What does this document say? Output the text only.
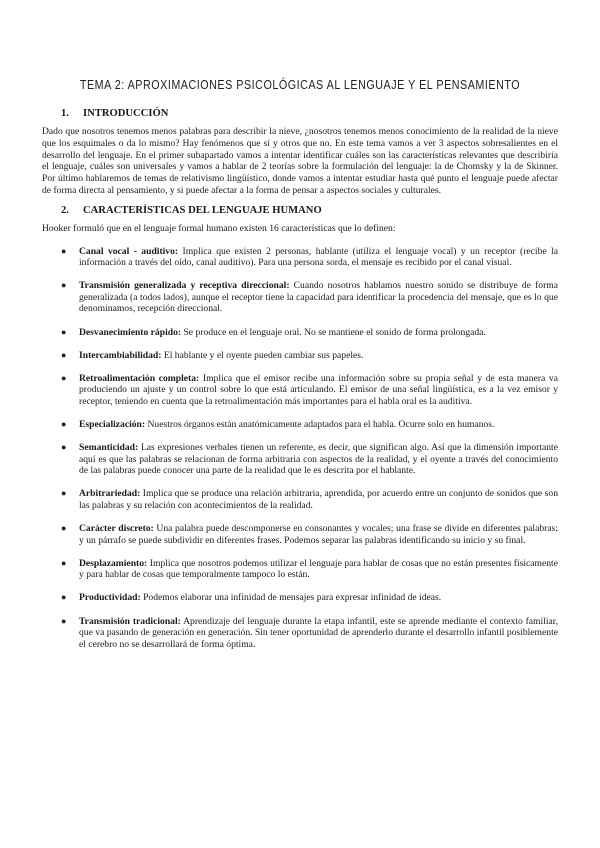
TEMA 2: APROXIMACIONES PSICOLÓGICAS AL LENGUAJE Y EL PENSAMIENTO
1.	INTRODUCCIÓN

Dado que nosotros tenemos menos palabras para describir la nieve, ¿nosotros tenemos menos conocimiento de la realidad de la nieve que los esquimales o da lo mismo? Hay fenómenos que sí y otros que no. En este tema vamos a ver 3 aspectos sobresalientes en el desarrollo del lenguaje. En el primer subapartado vamos a intentar identificar cuáles son las características relevantes que describiría el lenguaje, cuáles son universales y vamos a hablar de 2 teorías sobre la formulación del lenguaje: la de Chomsky y la de Skinner. Por último hablaremos de temas de relativismo lingüístico, donde vamos a intentar estudiar hasta qué punto el lenguaje puede afectar de forma directa al pensamiento, y si puede afectar a la forma de pensar a aspectos sociales y culturales.

2.	CARACTERÍSTICAS DEL LENGUAJE HUMANO

Hooker formuló que en el lenguaje formal humano existen 16 características que lo definen:

● Canal vocal - auditivo: Implica que existen 2 personas, hablante (utiliza el lenguaje vocal) y un receptor (recibe la información a través del oído, canal auditivo). Para una persona sorda, el mensaje es recibido por el canal visual.
● Transmisión generalizada y receptiva direccional: Cuando nosotros hablamos nuestro sonido se distribuye de forma generalizada (a todos lados), aunque el receptor tiene la capacidad para identificar la procedencia del mensaje, que es lo que denominamos, recepción direccional.
● Desvanecimiento rápido: Se produce en el lenguaje oral. No se mantiene el sonido de forma prolongada.
● Intercambiabilidad: El hablante y el oyente pueden cambiar sus papeles.
● Retroalimentación completa: Implica que el emisor recibe una información sobre su propia señal y de esta manera va produciendo un ajuste y un control sobre lo que está articulando. El emisor de una señal lingüística, es a la vez emisor y receptor, teniendo en cuenta que la retroalimentación más importantes para el habla oral es la auditiva.
● Especialización: Nuestros órganos están anatómicamente adaptados para el habla. Ocurre solo en humanos.
● Semanticidad: Las expresiones verbales tienen un referente, es decir, que significan algo. Así que la dimensión importante aquí es que las palabras se relacionan de forma arbitraria con aspectos de la realidad, y el oyente a través del conocimiento de las palabras puede conocer una parte de la realidad que le es descrita por el hablante.
● Arbitrariedad: Implica que se produce una relación arbitraria, aprendida, por acuerdo entre un conjunto de sonidos que son las palabras y su relación con acontecimientos de la realidad.
● Carácter discreto: Una palabra puede descomponerse en consonantes y vocales; una frase se divide en diferentes palabras; y un párrafo se puede subdividir en diferentes frases. Podemos separar las palabras identificando su inicio y su final.
● Desplazamiento: Implica que nosotros podemos utilizar el lenguaje para hablar de cosas que no están presentes físicamente y para hablar de cosas que temporalmente tampoco lo están.
● Productividad: Podemos elaborar una infinidad de mensajes para expresar infinidad de ideas.
● Transmisión tradicional: Aprendizaje del lenguaje durante la etapa infantil, este se aprende mediante el contexto familiar, que va pasando de generación en generación. Sin tener oportunidad de aprenderlo durante el desarrollo infantil posiblemente el cerebro no se desarrollará de forma óptima.
